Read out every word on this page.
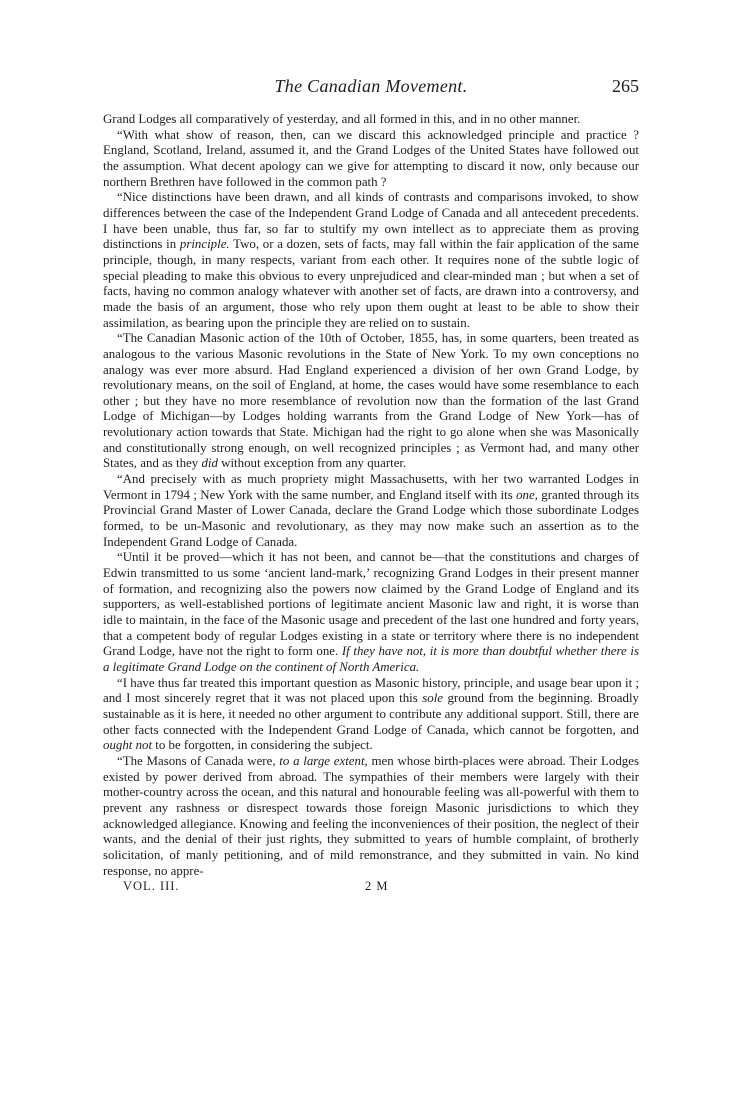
The Canadian Movement.	265

Grand Lodges all comparatively of yesterday, and all formed in this, and in no other manner.

“With what show of reason, then, can we discard this acknowledged principle and practice ? England, Scotland, Ireland, assumed it, and the Grand Lodges of the United States have followed out the assumption. What decent apology can we give for attempting to discard it now, only because our northern Brethren have followed in the common path ?

“Nice distinctions have been drawn, and all kinds of contrasts and comparisons invoked, to show differences between the case of the Independent Grand Lodge of Canada and all antecedent precedents. I have been unable, thus far, so far to stultify my own intellect as to appreciate them as proving distinctions in principle. Two, or a dozen, sets of facts, may fall within the fair application of the same principle, though, in many respects, variant from each other. It requires none of the subtle logic of special pleading to make this obvious to every unprejudiced and clear-minded man ; but when a set of facts, having no common analogy whatever with another set of facts, are drawn into a controversy, and made the basis of an argument, those who rely upon them ought at least to be able to show their assimilation, as bearing upon the principle they are relied on to sustain.

“The Canadian Masonic action of the 10th of October, 1855, has, in some quarters, been treated as analogous to the various Masonic revolutions in the State of New York. To my own conceptions no analogy was ever more absurd. Had England experienced a division of her own Grand Lodge, by revolutionary means, on the soil of England, at home, the cases would have some resemblance to each other ; but they have no more resemblance of revolution now than the formation of the last Grand Lodge of Michigan—by Lodges holding warrants from the Grand Lodge of New York—has of revolutionary action towards that State. Michigan had the right to go alone when she was Masonically and constitutionally strong enough, on well recognized principles ; as Vermont had, and many other States, and as they did without exception from any quarter.

“And precisely with as much propriety might Massachusetts, with her two warranted Lodges in Vermont in 1794 ; New York with the same number, and England itself with its one, granted through its Provincial Grand Master of Lower Canada, declare the Grand Lodge which those subordinate Lodges formed, to be un-Masonic and revolutionary, as they may now make such an assertion as to the Independent Grand Lodge of Canada.

“Until it be proved—which it has not been, and cannot be—that the constitutions and charges of Edwin transmitted to us some ‘ancient land-mark,’ recognizing Grand Lodges in their present manner of formation, and recognizing also the powers now claimed by the Grand Lodge of England and its supporters, as well-established portions of legitimate ancient Masonic law and right, it is worse than idle to maintain, in the face of the Masonic usage and precedent of the last one hundred and forty years, that a competent body of regular Lodges existing in a state or territory where there is no independent Grand Lodge, have not the right to form one. If they have not, it is more than doubtful whether there is a legitimate Grand Lodge on the continent of North America.

“I have thus far treated this important question as Masonic history, principle, and usage bear upon it ; and I most sincerely regret that it was not placed upon this sole ground from the beginning. Broadly sustainable as it is here, it needed no other argument to contribute any additional support. Still, there are other facts connected with the Independent Grand Lodge of Canada, which cannot be forgotten, and ought not to be forgotten, in considering the subject.

“The Masons of Canada were, to a large extent, men whose birth-places were abroad. Their Lodges existed by power derived from abroad. The sympathies of their members were largely with their mother-country across the ocean, and this natural and honourable feeling was all-powerful with them to prevent any rashness or disrespect towards those foreign Masonic jurisdictions to which they acknowledged allegiance. Knowing and feeling the inconveniences of their position, the neglect of their wants, and the denial of their just rights, they submitted to years of humble complaint, of brotherly solicitation, of manly petitioning, and of mild remonstrance, and they submitted in vain. No kind response, no appre-

VOL. III.	2 M
